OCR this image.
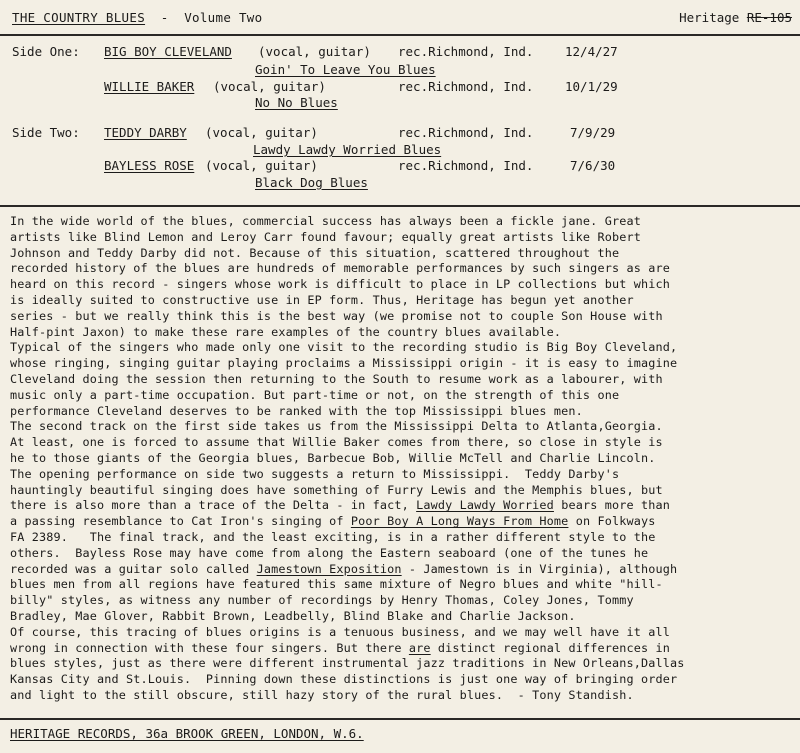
THE COUNTRY BLUES - Volume Two	Heritage RE-105
Side One: BIG BOY CLEVELAND (vocal, guitar) rec.Richmond, Ind.	12/4/27
Goin' To Leave You Blues
WILLIE BAKER (vocal, guitar)	rec.Richmond, Ind.	10/1/29
No No Blues
Side Two: TEDDY DARBY (vocal, guitar)	rec.Richmond, Ind.	7/9/29
Lawdy Lawdy Worried Blues
BAYLESS ROSE (vocal, guitar)	rec.Richmond, Ind.	7/6/30
Black Dog Blues
In the wide world of the blues, commercial success has always been a fickle jane. Great
artists like Blind Lemon and Leroy Carr found favour; equally great artists like Robert
Johnson and Teddy Darby did not. Because of this situation, scattered throughout the
recorded history of the blues are hundreds of memorable performances by such singers as are
heard on this record - singers whose work is difficult to place in LP collections but which
is ideally suited to constructive use in EP form. Thus, Heritage has begun yet another
series - but we really think this is the best way (we promise not to couple Son House with
Half-pint Jaxon) to make these rare examples of the country blues available.
Typical of the singers who made only one visit to the recording studio is Big Boy Cleveland,
whose ringing, singing guitar playing proclaims a Mississippi origin - it is easy to imagine
Cleveland doing the session then returning to the South to resume work as a labourer, with
music only a part-time occupation. But part-time or not, on the strength of this one
performance Cleveland deserves to be ranked with the top Mississippi blues men.
The second track on the first side takes us from the Mississippi Delta to Atlanta,Georgia.
At least, one is forced to assume that Willie Baker comes from there, so close in style is
he to those giants of the Georgia blues, Barbecue Bob, Willie McTell and Charlie Lincoln.
The opening performance on side two suggests a return to Mississippi.  Teddy Darby's
hauntingly beautiful singing does have something of Furry Lewis and the Memphis blues, but
there is also more than a trace of the Delta - in fact, Lawdy Lawdy Worried bears more than
a passing resemblance to Cat Iron's singing of Poor Boy A Long Ways From Home on Folkways
FA 2389.   The final track, and the least exciting, is in a rather different style to the
others.  Bayless Rose may have come from along the Eastern seaboard (one of the tunes he
recorded was a guitar solo called Jamestown Exposition - Jamestown is in Virginia), although
blues men from all regions have featured this same mixture of Negro blues and white "hill-
billy" styles, as witness any number of recordings by Henry Thomas, Coley Jones, Tommy
Bradley, Mae Glover, Rabbit Brown, Leadbelly, Blind Blake and Charlie Jackson.
Of course, this tracing of blues origins is a tenuous business, and we may well have it all
wrong in connection with these four singers. But there are distinct regional differences in
blues styles, just as there were different instrumental jazz traditions in New Orleans,Dallas
Kansas City and St.Louis.  Pinning down these distinctions is just one way of bringing order
and light to the still obscure, still hazy story of the rural blues.  - Tony Standish.
HERITAGE RECORDS, 36a BROOK GREEN, LONDON, W.6.
